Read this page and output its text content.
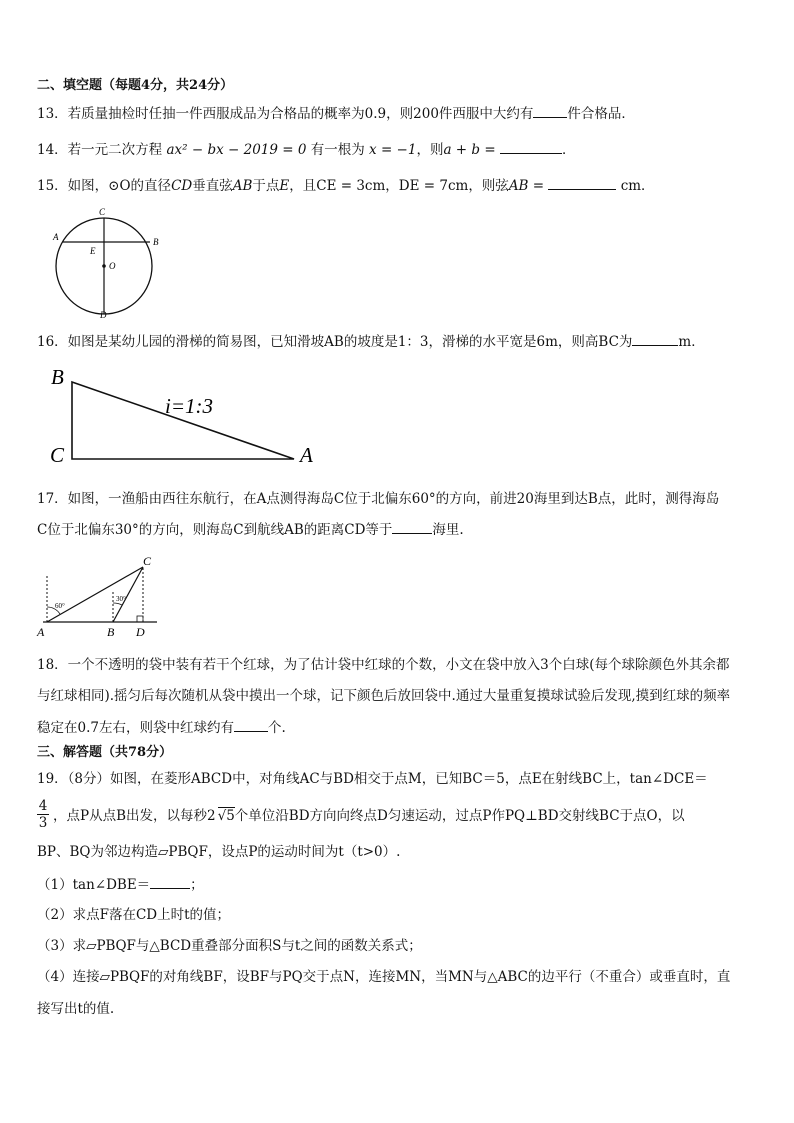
二、填空题（每题4分，共24分）
13．若质量抽检时任抽一件西服成品为合格品的概率为0.9，则200件西服中大约有	件合格品．
14．若一元二次方程 ax² − bx − 2019 = 0 有一根为 x = −1，则a + b =	．
15．如图，⊙O的直径CD垂直弦AB于点E，且CE = 3cm，DE = 7cm，则弦AB =	cm．
C
A	B
E
O
D
16．如图是某幼儿园的滑梯的简易图，已知滑坡AB的坡度是1：3，滑梯的水平宽是6m，则高BC为	m．
B
C	A
i=1:3
17．如图，一渔船由西往东航行，在A点测得海岛C位于北偏东60°的方向，前进20海里到达B点，此时，测得海岛
C位于北偏东30°的方向，则海岛C到航线AB的距离CD等于	海里.
60°
30°
A	B D
C
18．一个不透明的袋中装有若干个红球，为了估计袋中红球的个数，小文在袋中放入3个白球(每个球除颜色外其余都
与红球相同).摇匀后每次随机从袋中摸出一个球，记下颜色后放回袋中.通过大量重复摸球试验后发现,摸到红球的频率
稳定在0.7左右，则袋中红球约有	个.
三、解答题（共78分）
19．（8分）如图，在菱形ABCD中，对角线AC与BD相交于点M，已知BC＝5，点E在射线BC上，tan∠DCE＝
4
3 ，点P从点B出发，以每秒2 √5个单位沿BD方向向终点D匀速运动，过点P作PQ⊥BD交射线BC于点O，以
BP、BQ为邻边构造▱PBQF，设点P的运动时间为t（t>0）.
（1）tan∠DBE＝	；
（2）求点F落在CD上时t的值；
（3）求▱PBQF与△BCD重叠部分面积S与t之间的函数关系式；
（4）连接▱PBQF的对角线BF，设BF与PQ交于点N，连接MN，当MN与△ABC的边平行（不重合）或垂直时，直
接写出t的值.
